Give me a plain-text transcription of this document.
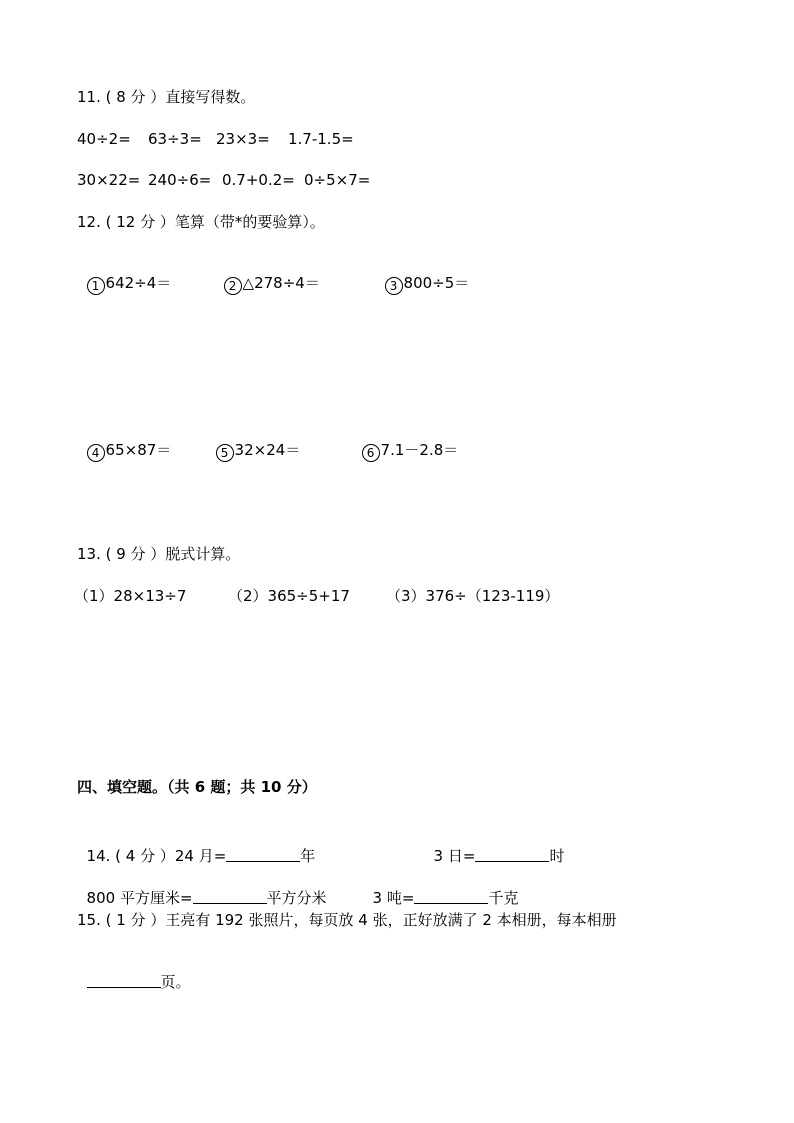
11. ( 8 分 ）直接写得数。
40÷2= 63÷3= 23×3= 1.7-1.5=
30×22= 240÷6= 0.7+0.2= 0÷5×7=
12. ( 12 分 ）笔算（带*的要验算）。

1 642÷4＝	2 △278÷4＝	3 800÷5＝

4 65×87＝	5 32×24＝	6 7.1－2.8＝

13. ( 9 分 ）脱式计算。
（1）28×13÷7	（2）365÷5+17 （3）376÷（123-119）
四、填空题。（共 6 题；共 10 分）

14. ( 4 分 ）24 月=	年	3 日=	时

800 平方厘米=	平方分米	3 吨=	千克

15. ( 1 分 ）王亮有 192 张照片，每页放 4 张，正好放满了 2 本相册，每本相册

页。
